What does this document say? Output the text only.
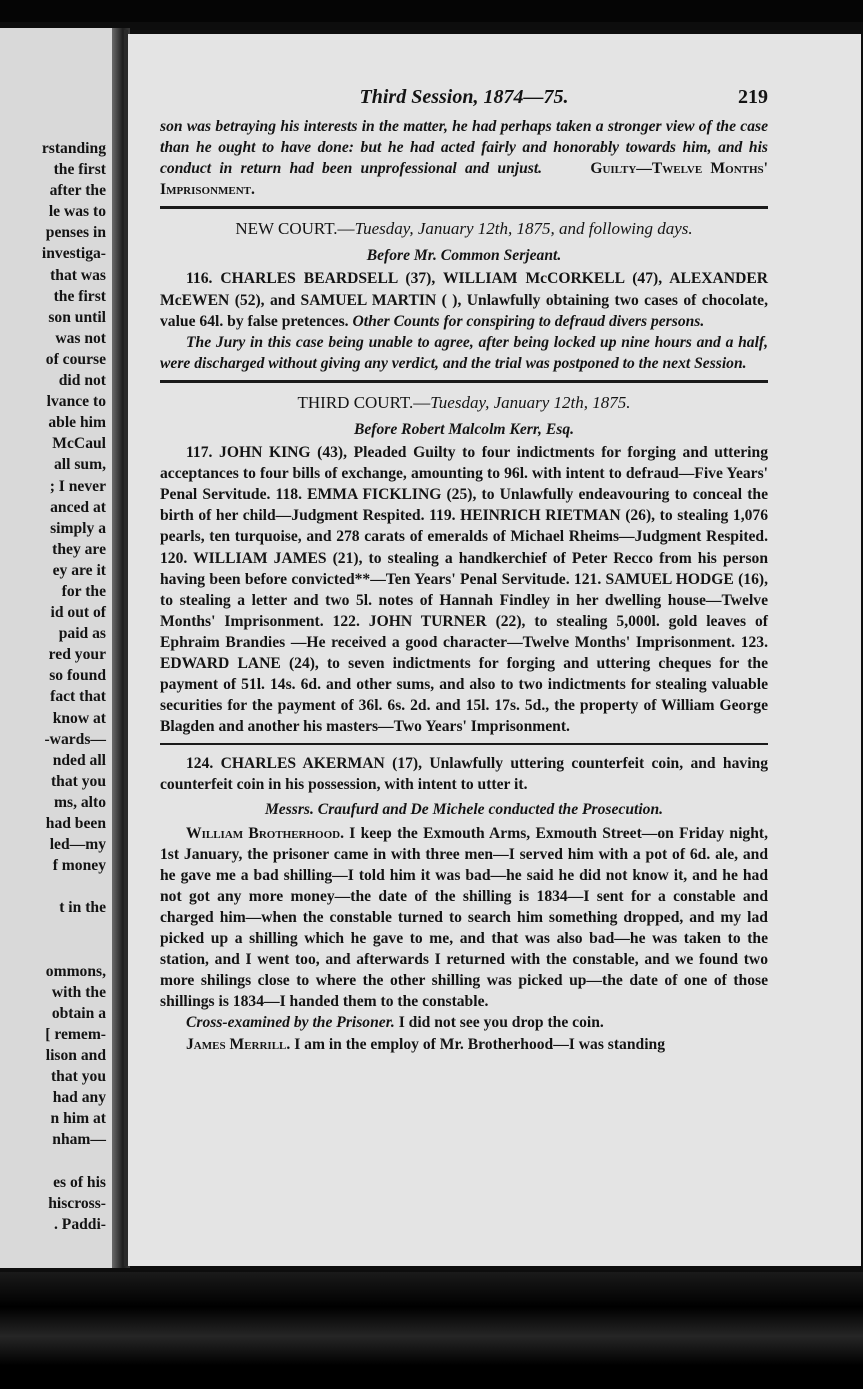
rstanding
the first
after the
le was to
penses in
investiga-
that was
the first
son until
was not
of course
did not
lvance to
able him
McCaul
all sum,
; I never
anced at
simply a
they are
ey are it
for the
id out of
paid as
red your
so found
fact that
know at
-wards—
nded all
that you
ms, alto
had been
led—my
f money

t in the

ommons,
with the
obtain a
[ remem-
lison and
that you
had any
n him at
nham—

es of his
hiscross-
. Paddi-
Third Session, 1874—75.	219

son was betraying his interests in the matter, he had perhaps taken a stronger view of the case than he ought to have done: but he had acted fairly and honorably towards him, and his conduct in return had been unprofessional and unjust.	Guilty—Twelve Months' Imprisonment.

NEW COURT.—Tuesday, January 12th, 1875, and following days.

Before Mr. Common Serjeant.

116. CHARLES BEARDSELL (37), WILLIAM McCORKELL (47), ALEXANDER McEWEN (52), and SAMUEL MARTIN ( ), Unlawfully obtaining two cases of chocolate, value 64l. by false pretences. Other Counts for conspiring to defraud divers persons.

The Jury in this case being unable to agree, after being locked up nine hours and a half, were discharged without giving any verdict, and the trial was postponed to the next Session.

THIRD COURT.—Tuesday, January 12th, 1875.

Before Robert Malcolm Kerr, Esq.

117. JOHN KING (43), Pleaded Guilty to four indictments for forging and uttering acceptances to four bills of exchange, amounting to 96l. with intent to defraud—Five Years' Penal Servitude. 118. EMMA FICKLING (25), to Unlawfully endeavouring to conceal the birth of her child—Judgment Respited. 119. HEINRICH RIETMAN (26), to stealing 1,076 pearls, ten turquoise, and 278 carats of emeralds of Michael Rheims—Judgment Respited. 120. WILLIAM JAMES (21), to stealing a handkerchief of Peter Recco from his person having been before convicted**—Ten Years' Penal Servitude. 121. SAMUEL HODGE (16), to stealing a letter and two 5l. notes of Hannah Findley in her dwelling house—Twelve Months' Imprisonment. 122. JOHN TURNER (22), to stealing 5,000l. gold leaves of Ephraim Brandies —He received a good character—Twelve Months' Imprisonment. 123. EDWARD LANE (24), to seven indictments for forging and uttering cheques for the payment of 51l. 14s. 6d. and other sums, and also to two indictments for stealing valuable securities for the payment of 36l. 6s. 2d. and 15l. 17s. 5d., the property of William George Blagden and another his masters—Two Years' Imprisonment.

124. CHARLES AKERMAN (17), Unlawfully uttering counterfeit coin, and having counterfeit coin in his possession, with intent to utter it.

Messrs. Craufurd and De Michele conducted the Prosecution.

William Brotherhood. I keep the Exmouth Arms, Exmouth Street—on Friday night, 1st January, the prisoner came in with three men—I served him with a pot of 6d. ale, and he gave me a bad shilling—I told him it was bad—he said he did not know it, and he had not got any more money—the date of the shilling is 1834—I sent for a constable and charged him—when the constable turned to search him something dropped, and my lad picked up a shilling which he gave to me, and that was also bad—he was taken to the station, and I went too, and afterwards I returned with the constable, and we found two more shilings close to where the other shilling was picked up—the date of one of those shillings is 1834—I handed them to the constable.

Cross-examined by the Prisoner. I did not see you drop the coin.

James Merrill. I am in the employ of Mr. Brotherhood—I was standing
